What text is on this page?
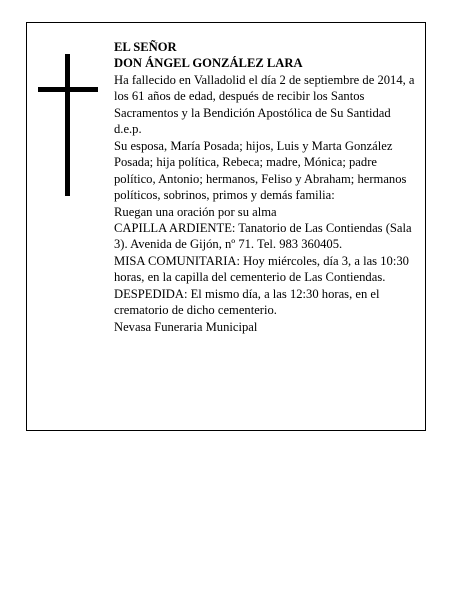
EL SEÑOR

DON ÁNGEL GONZÁLEZ LARA

Ha fallecido en Valladolid el día 2 de septiembre de 2014, a los 61 años de edad, después de recibir los Santos Sacramentos y la Bendición Apostólica de Su Santidad

d.e.p.

Su esposa, María Posada; hijos, Luis y Marta González Posada; hija política, Rebeca; madre, Mónica; padre político, Antonio; hermanos, Feliso y Abraham; hermanos políticos, sobrinos, primos y demás familia:

Ruegan una oración por su alma

CAPILLA ARDIENTE: Tanatorio de Las Contiendas (Sala 3). Avenida de Gijón, nº 71. Tel. 983 360405.

MISA COMUNITARIA: Hoy miércoles, día 3, a las 10:30 horas, en la capilla del cementerio de Las Contiendas.

DESPEDIDA: El mismo día, a las 12:30 horas, en el crematorio de dicho cementerio.

Nevasa Funeraria Municipal
